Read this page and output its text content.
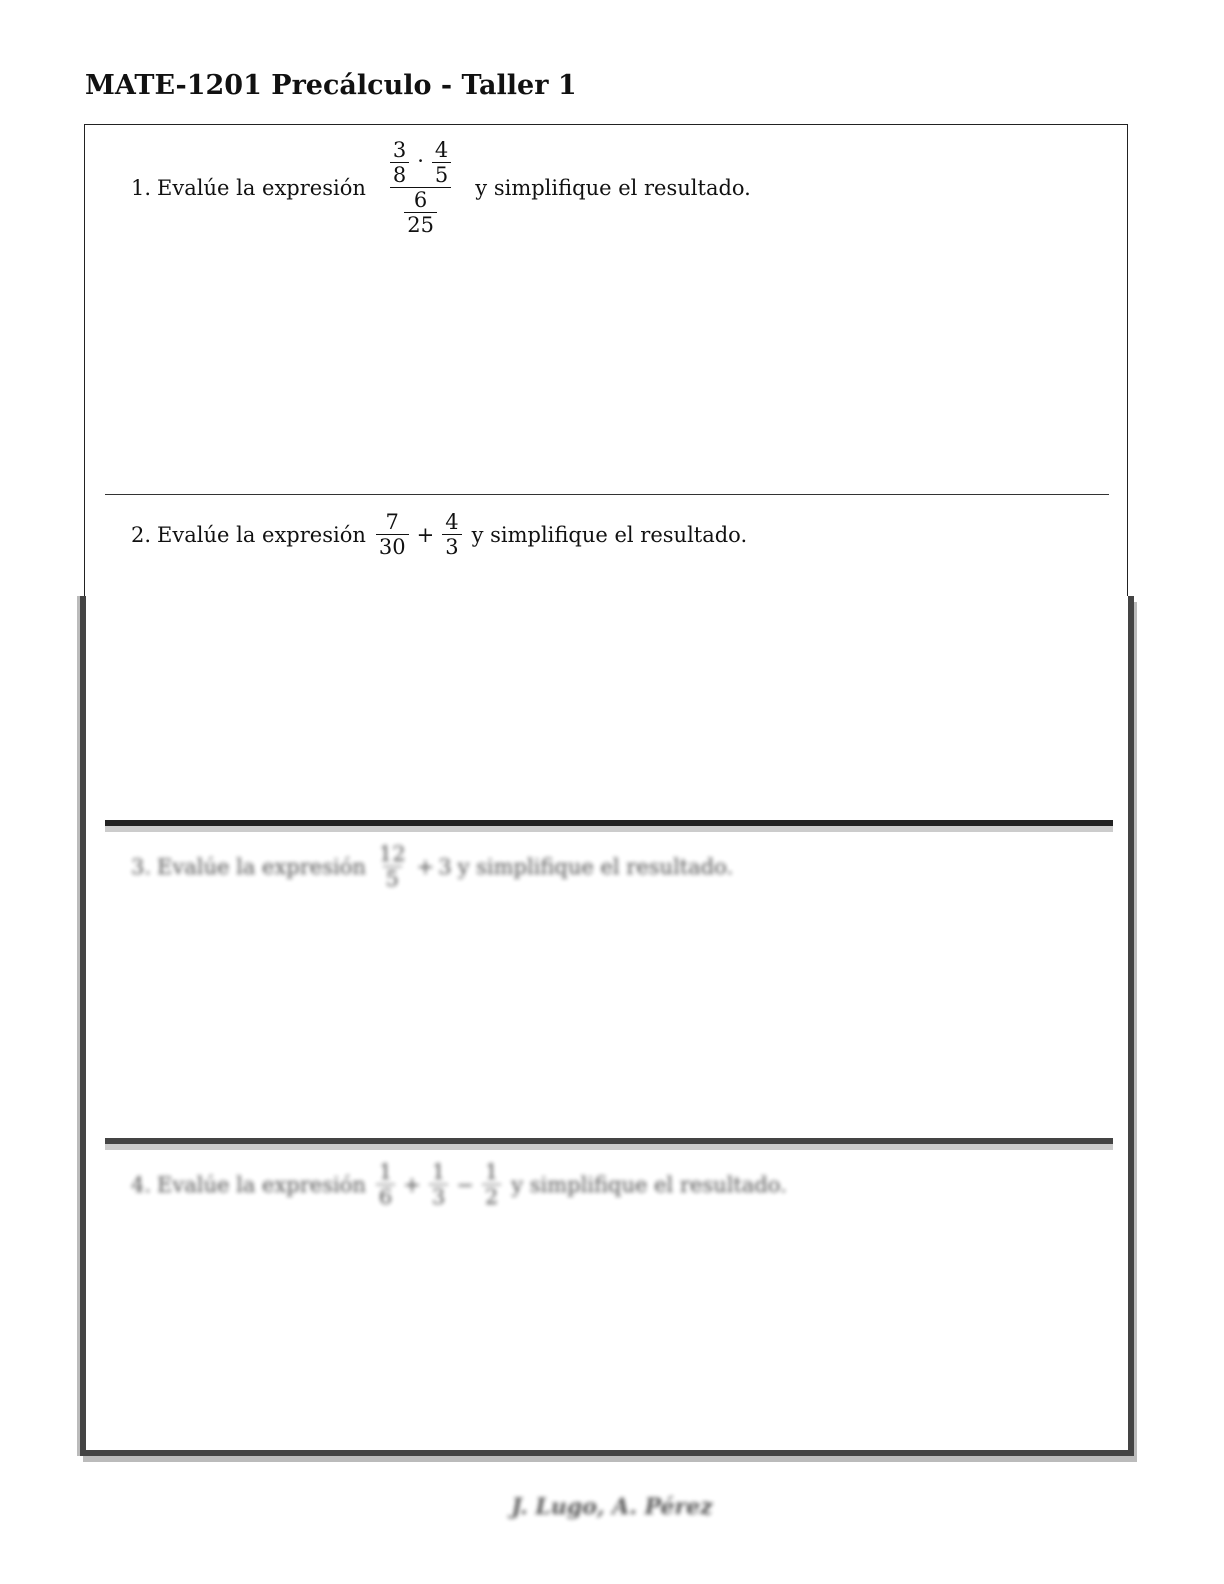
MATE-1201 Precálculo - Taller 1
1. Evalúe la expresión $\frac{\frac{3}{8} \cdot \frac{4}{5}}{\frac{6}{25}}$ y simplifique el resultado.
2. Evalúe la expresión $\frac{7}{30} + \frac{4}{3}$ y simplifique el resultado.
3. Evalúe la expresión $\frac{12}{5} + 3$ y simplifique el resultado.
4. Evalúe la expresión $\frac{1}{6} + \frac{1}{3} - \frac{1}{2}$ y simplifique el resultado.
J. Lugo, A. Pérez
